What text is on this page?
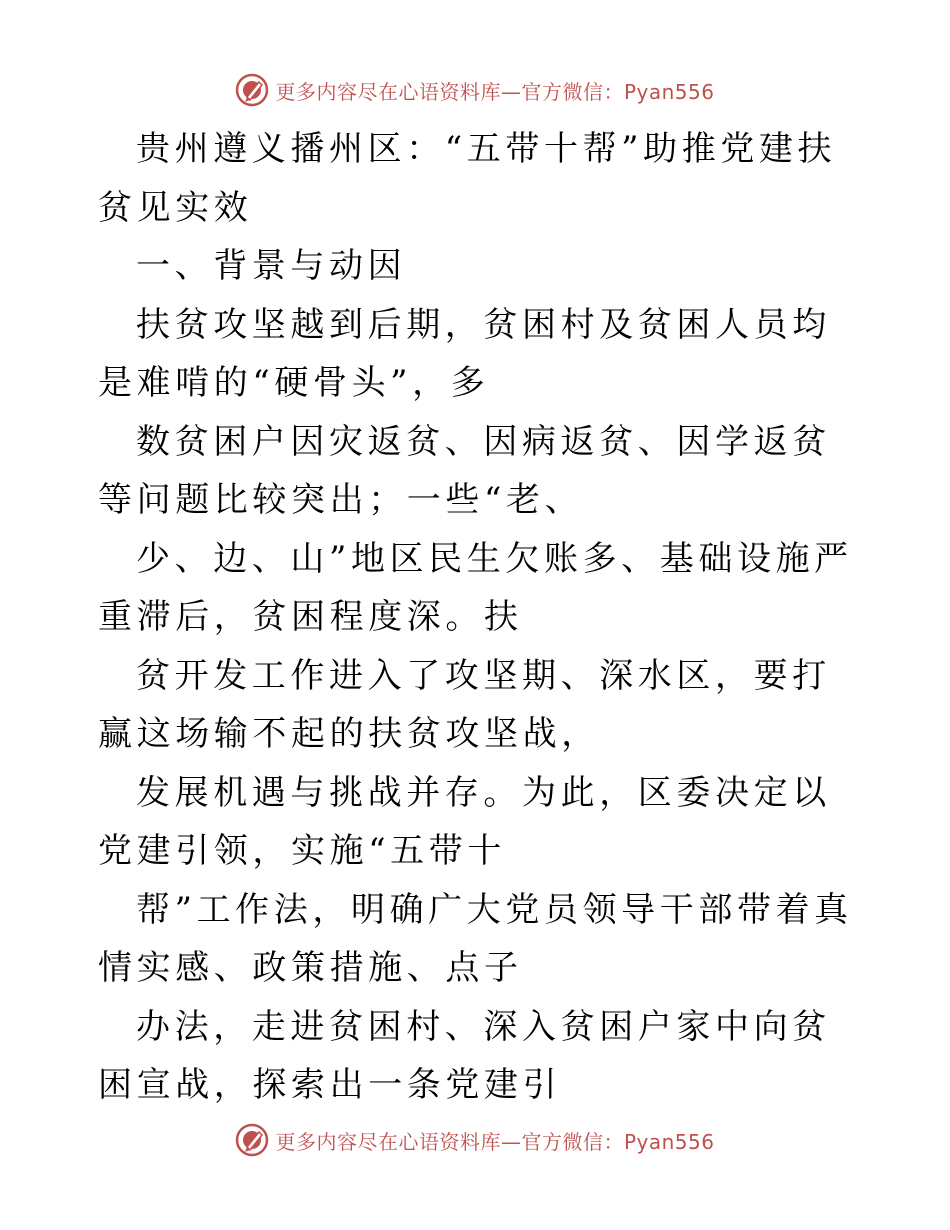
更多内容尽在心语资料库—官方微信：Pyan556

贵州遵义播州区：“五带十帮”助推党建扶贫见实效

一、背景与动因

扶贫攻坚越到后期，贫困村及贫困人员均是难啃的“硬骨头”，多

数贫困户因灾返贫、因病返贫、因学返贫等问题比较突出；一些“老、

少、边、山”地区民生欠账多、基础设施严重滞后，贫困程度深。扶

贫开发工作进入了攻坚期、深水区，要打赢这场输不起的扶贫攻坚战，

发展机遇与挑战并存。为此，区委决定以党建引领，实施“五带十

帮”工作法，明确广大党员领导干部带着真情实感、政策措施、点子

办法，走进贫困村、深入贫困户家中向贫困宣战，探索出一条党建引

更多内容尽在心语资料库—官方微信：Pyan556
